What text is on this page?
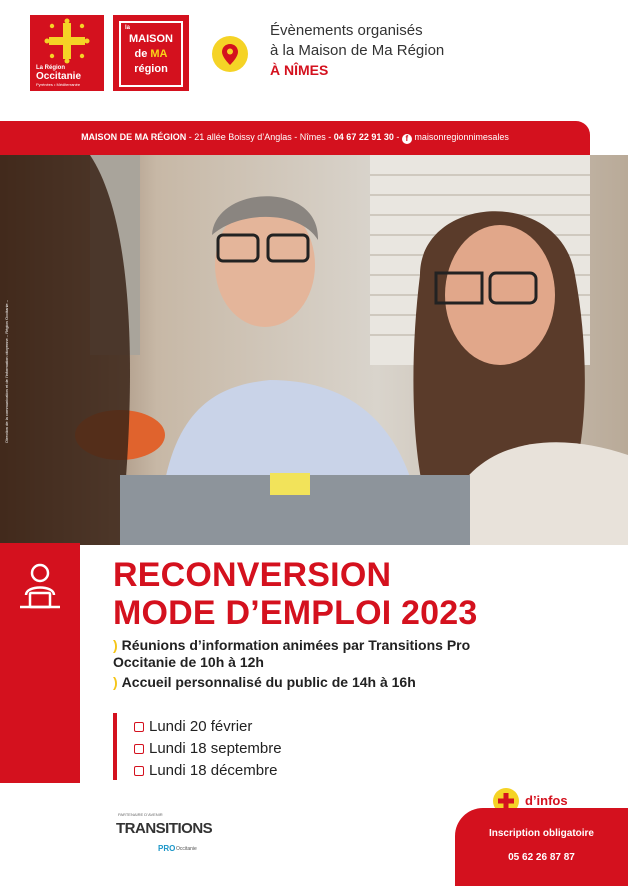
La Région
Occitanie
Pyrénées • Méditerranée
la
MAISON
de MA
région
Évènements organisés
à la Maison de Ma Région
À NÎMES
MAISON DE MA RÉGION - 21 allée Boissy d’Anglas - Nîmes - 04 67 22 91 30 - f maisonregionnimesales
Direction de la communication et de l’information citoyenne – Région Occitanie –
RECONVERSION
MODE D’EMPLOI 2023
) Réunions d’information animées par Transitions Pro
Occitanie de 10h à 12h
) Accueil personnalisé du public de 14h à 16h
Lundi 20 février
Lundi 18 septembre
Lundi 18 décembre
PARTENAIRE D’AVENIR
TRANSITIONS
PRO Occitanie
d’infos
Inscription obligatoire
05 62 26 87 87
